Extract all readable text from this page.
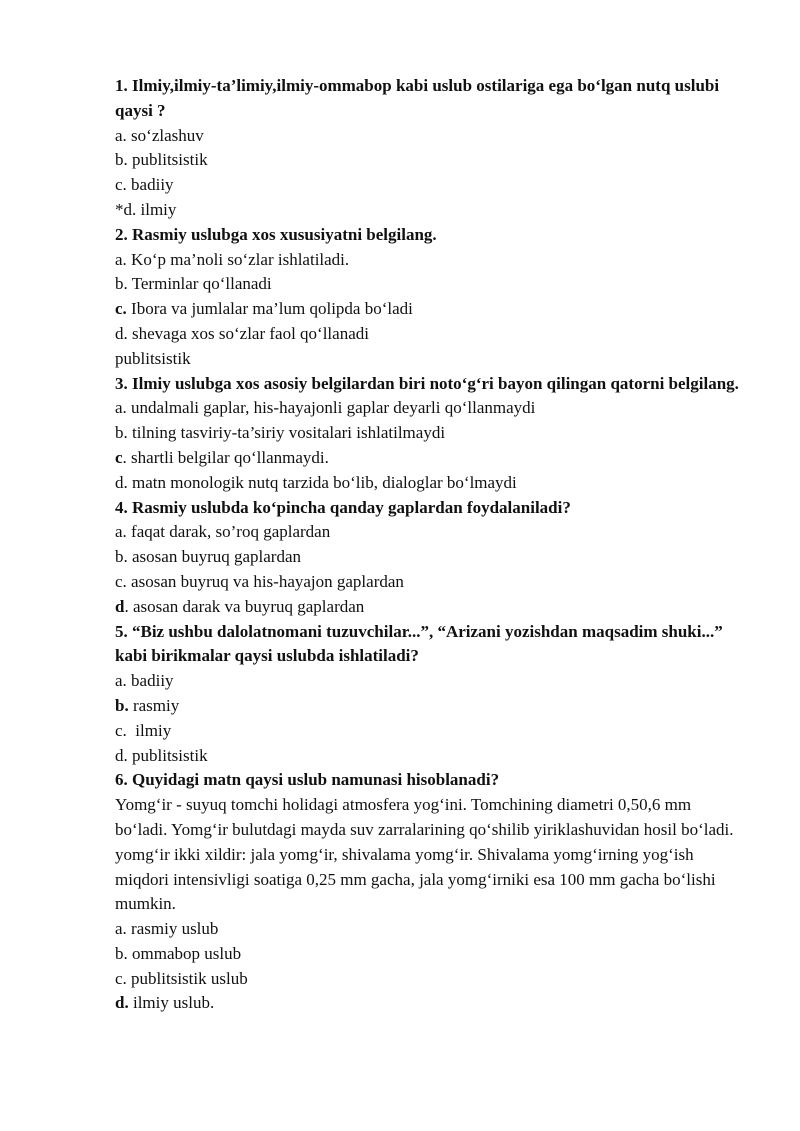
1. Ilmiy,ilmiy-ta’limiy,ilmiy-ommabop kabi uslub ostilariga ega bo‘lgan nutq uslubi qaysi ?

a. so‘zlashuv

b. publitsistik

c. badiiy

*d. ilmiy

2. Rasmiy uslubga xos xususiyatni belgilang.

a. Ko‘p ma’noli so‘zlar ishlatiladi.

b. Terminlar qo‘llanadi

c. Ibora va jumlalar ma’lum qolipda bo‘ladi

d. shevaga xos so‘zlar faol qo‘llanadi

publitsistik

3. Ilmiy uslubga xos asosiy belgilardan biri noto‘g‘ri bayon qilingan qatorni belgilang.

a. undalmali gaplar, his-hayajonli gaplar deyarli qo‘llanmaydi

b. tilning tasviriy-ta’siriy vositalari ishlatilmaydi

c. shartli belgilar qo‘llanmaydi.

d. matn monologik nutq tarzida bo‘lib, dialoglar bo‘lmaydi

4. Rasmiy uslubda ko‘pincha qanday gaplardan foydalaniladi?

a. faqat darak, so’roq gaplardan

b. asosan buyruq gaplardan

c. asosan buyruq va his-hayajon gaplardan

d. asosan darak va buyruq gaplardan

5. “Biz ushbu dalolatnomani tuzuvchilar...”, “Arizani yozishdan maqsadim shuki...” kabi birikmalar qaysi uslubda ishlatiladi?

a. badiiy

b. rasmiy

c.  ilmiy

d. publitsistik

6. Quyidagi matn qaysi uslub namunasi hisoblanadi?

Yomg‘ir - suyuq tomchi holidagi atmosfera yog‘ini. Tomchining diametri 0,50,6 mm bo‘ladi. Yomg‘ir bulutdagi mayda suv zarralarining qo‘shilib yiriklashuvidan hosil bo‘ladi. yomg‘ir ikki xildir: jala yomg‘ir, shivalama yomg‘ir. Shivalama yomg‘irning yog‘ish miqdori intensivligi soatiga 0,25 mm gacha, jala yomg‘irniki esa 100 mm gacha bo‘lishi mumkin.

a. rasmiy uslub

b. ommabop uslub

c. publitsistik uslub

d. ilmiy uslub.
